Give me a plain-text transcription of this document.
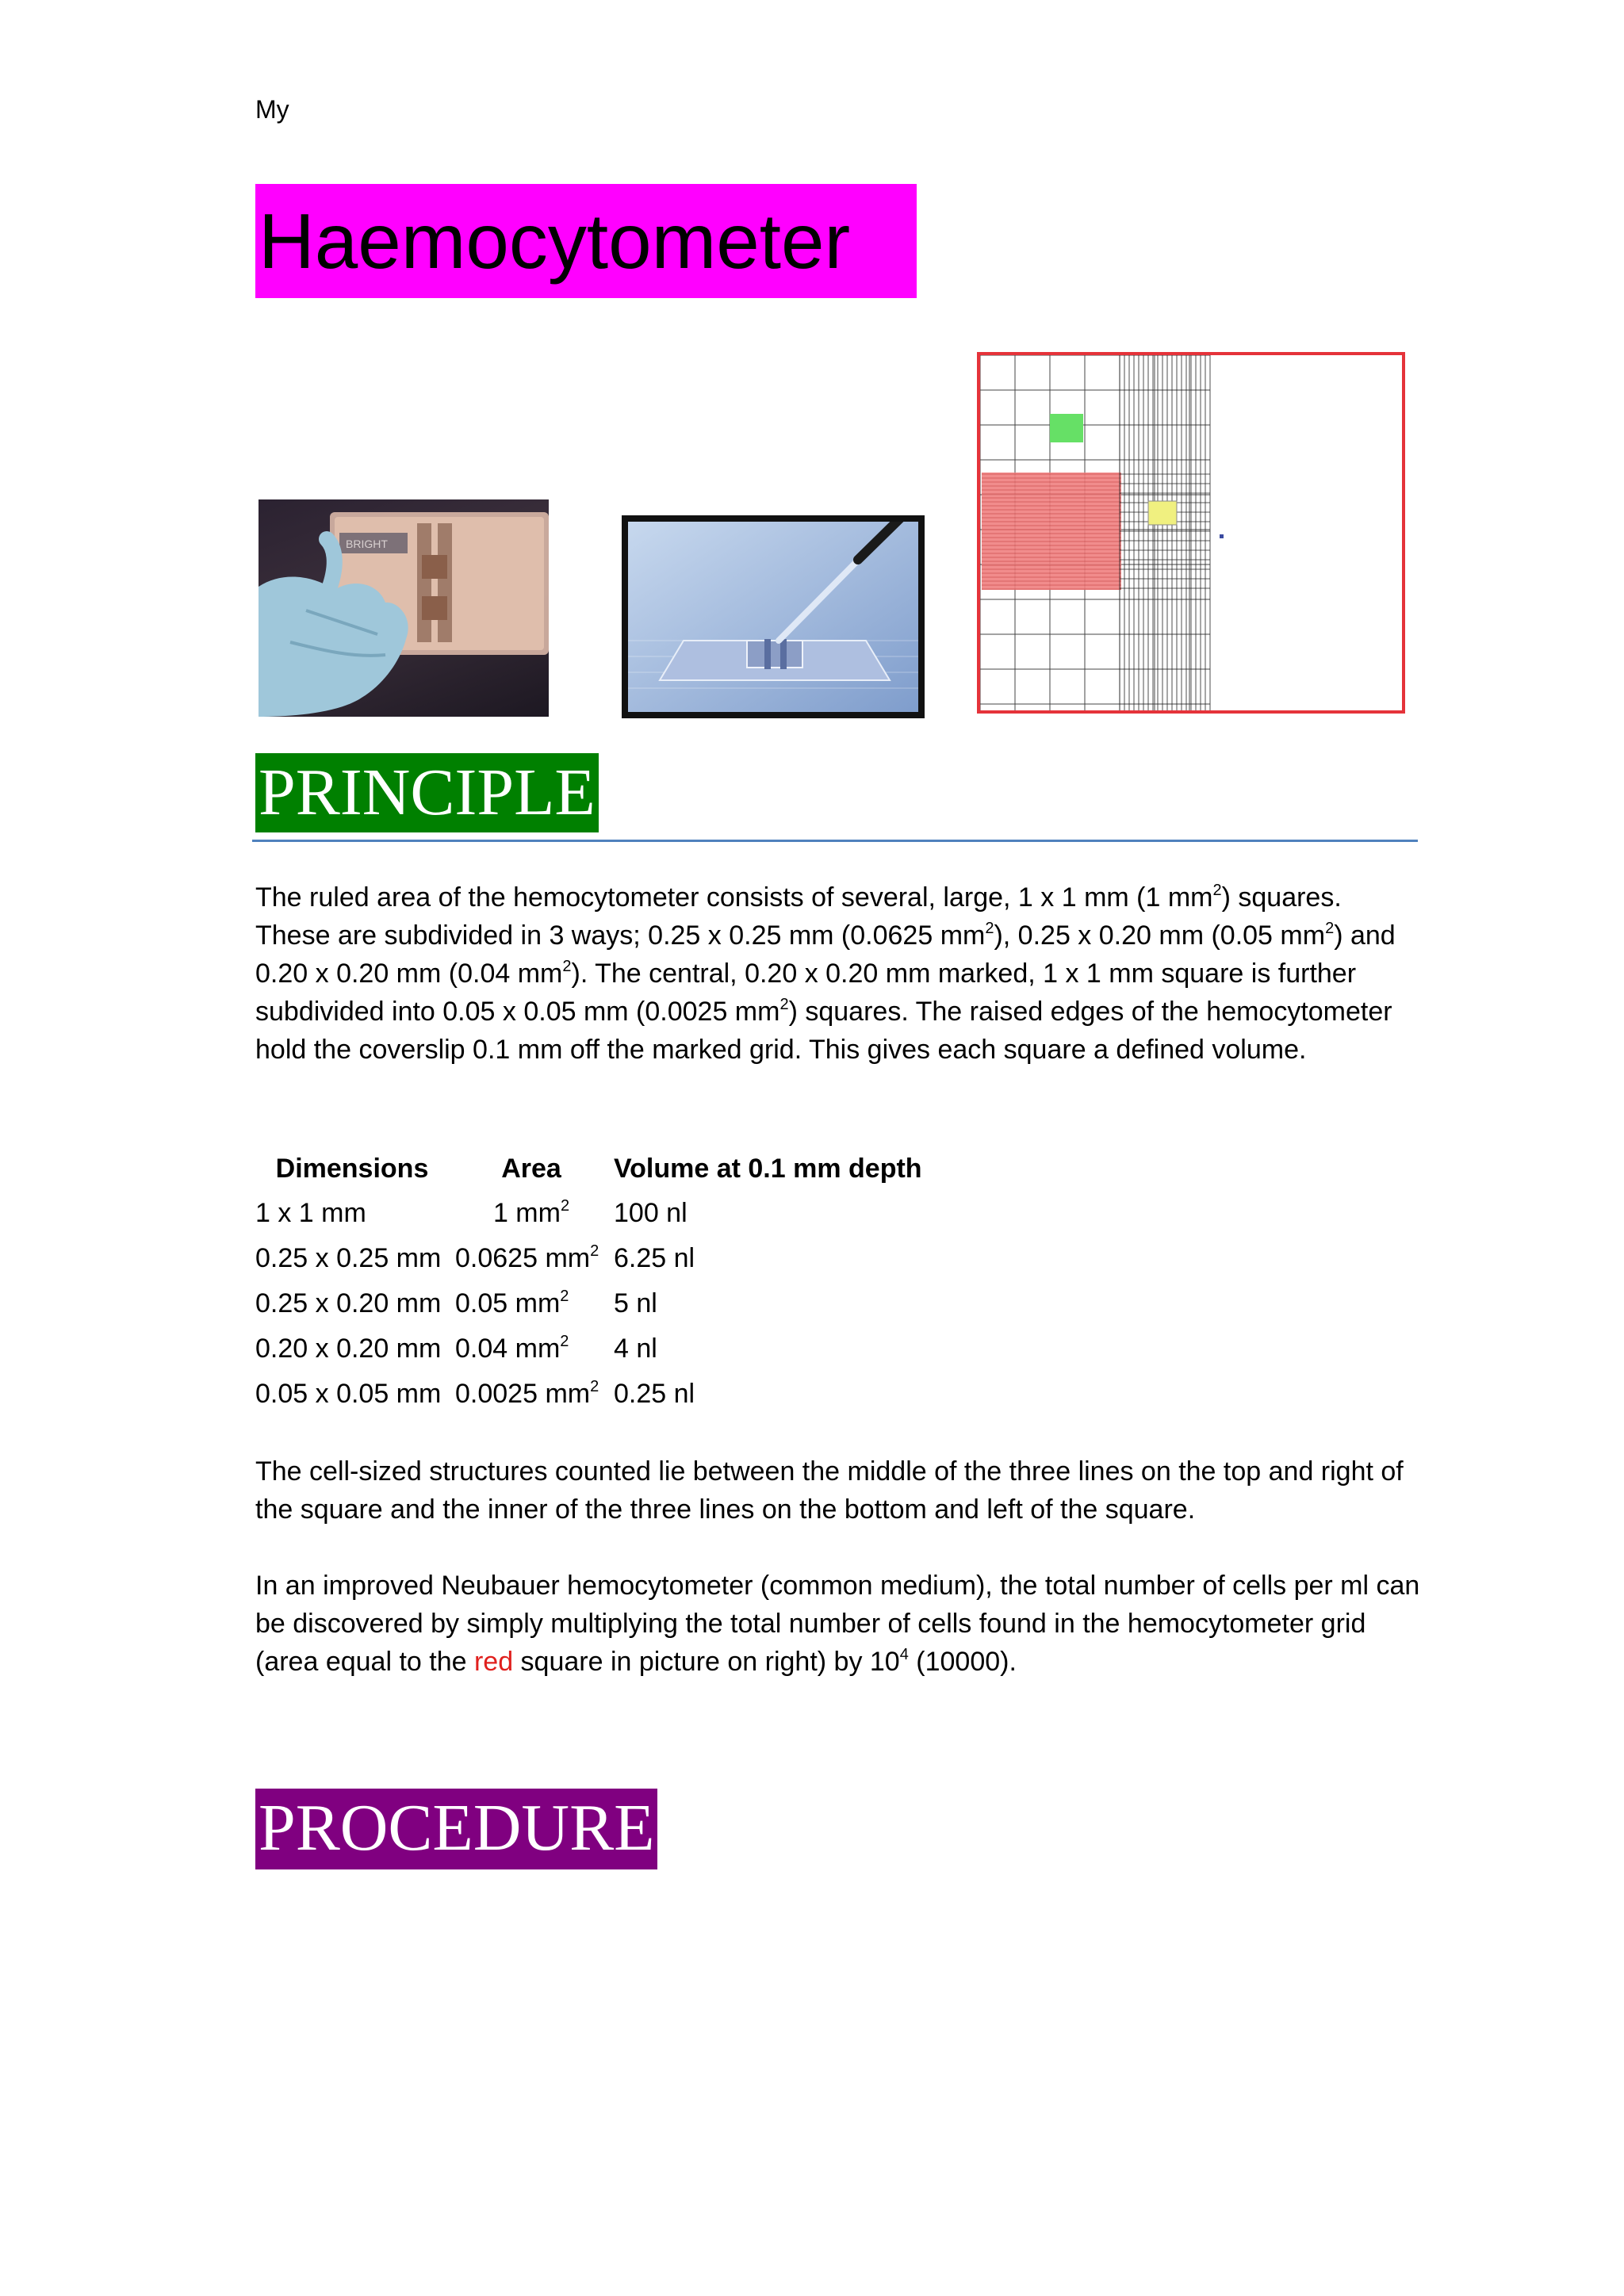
My
Haemocytometer
BRIGHT
PRINCIPLE
The ruled area of the hemocytometer consists of several, large, 1 x 1 mm (1 $mm^2$) squares. These are subdivided in 3 ways; 0.25 x 0.25 mm (0.0625 $mm^2$), 0.25 x 0.20 mm (0.05 $mm^2$) and 0.20 x 0.20 mm (0.04 $mm^2$). The central, 0.20 x 0.20 mm marked, 1 x 1 mm square is further subdivided into 0.05 x 0.05 mm (0.0025 $mm^2$) squares. The raised edges of the hemocytometer hold the coverslip 0.1 mm off the marked grid. This gives each square a defined volume.
Dimensions	Area	Volume at 0.1 mm depth
1 x 1 mm	1 $mm^2$	100 nl
0.25 x 0.25 mm	0.0625 $mm^2$	6.25 nl
0.25 x 0.20 mm	0.05 $mm^2$	5 nl
0.20 x 0.20 mm	0.04 $mm^2$	4 nl
0.05 x 0.05 mm	0.0025 $mm^2$	0.25 nl
The cell-sized structures counted lie between the middle of the three lines on the top and right of the square and the inner of the three lines on the bottom and left of the square.
In an improved Neubauer hemocytometer (common medium), the total number of cells per ml can be discovered by simply multiplying the total number of cells found in the hemocytometer grid (area equal to the red square in picture on right) by $10^4$ (10000).
PROCEDURE
